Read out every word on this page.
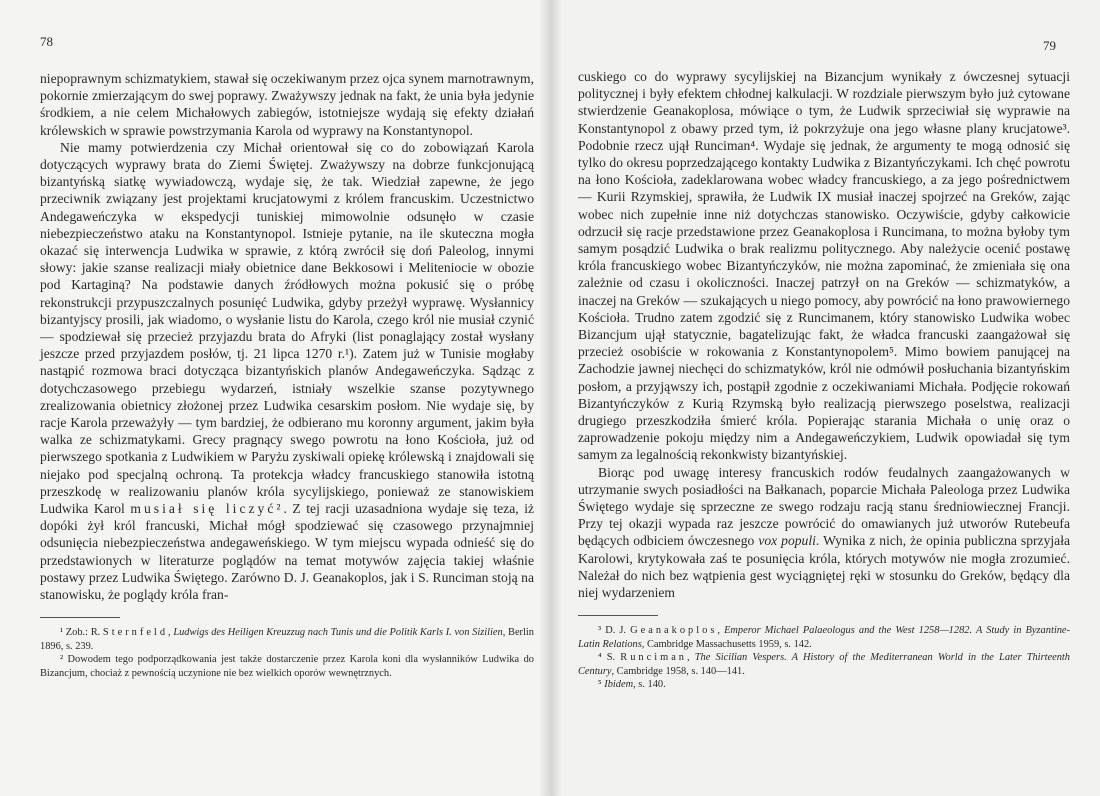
78

niepoprawnym schizmatykiem, stawał się oczekiwanym przez ojca synem marnotrawnym, pokornie zmierzającym do swej poprawy. Zważywszy jednak na fakt, że unia była jedynie środkiem, a nie celem Michałowych zabiegów, istotniejsze wydają się efekty działań królewskich w sprawie powstrzymania Karola od wyprawy na Konstantynopol.

Nie mamy potwierdzenia czy Michał orientował się co do zobowiązań Karola dotyczących wyprawy brata do Ziemi Świętej. Zważywszy na dobrze funkcjonującą bizantyńską siatkę wywiadowczą, wydaje się, że tak. Wiedział zapewne, że jego przeciwnik związany jest projektami krucjatowymi z królem francuskim. Uczestnictwo Andegaweńczyka w ekspedycji tuniskiej mimowolnie odsunęło w czasie niebezpieczeństwo ataku na Konstantynopol. Istnieje pytanie, na ile skuteczna mogła okazać się interwencja Ludwika w sprawie, z którą zwrócił się doń Paleolog, innymi słowy: jakie szanse realizacji miały obietnice dane Bekkosowi i Meliteniocie w obozie pod Kartaginą? Na podstawie danych źródłowych można pokusić się o próbę rekonstrukcji przypuszczalnych posunięć Ludwika, gdyby przeżył wyprawę. Wysłannicy bizantyjscy prosili, jak wiadomo, o wysłanie listu do Karola, czego król nie musiał czynić — spodziewał się przecież przyjazdu brata do Afryki (list ponaglający został wysłany jeszcze przed przyjazdem posłów, tj. 21 lipca 1270 r.¹). Zatem już w Tunisie mogłaby nastąpić rozmowa braci dotycząca bizantyńskich planów Andegaweńczyka. Sądząc z dotychczasowego przebiegu wydarzeń, istniały wszelkie szanse pozytywnego zrealizowania obietnicy złożonej przez Ludwika cesarskim posłom. Nie wydaje się, by racje Karola przeważyły — tym bardziej, że odbierano mu koronny argument, jakim była walka ze schizmatykami. Grecy pragnący swego powrotu na łono Kościoła, już od pierwszego spotkania z Ludwikiem w Paryżu zyskiwali opiekę królewską i znajdowali się niejako pod specjalną ochroną. Ta protekcja władcy francuskiego stanowiła istotną przeszkodę w realizowaniu planów króla sycylijskiego, ponieważ ze stanowiskiem Ludwika Karol musiał się liczyć². Z tej racji uzasadniona wydaje się teza, iż dopóki żył król francuski, Michał mógł spodziewać się czasowego przynajmniej odsunięcia niebezpieczeństwa andegaweńskiego. W tym miejscu wypada odnieść się do przedstawionych w literaturze poglądów na temat motywów zajęcia takiej właśnie postawy przez Ludwika Świętego. Zarówno D. J. Geanakoplos, jak i S. Runciman stoją na stanowisku, że poglądy króla fran-

¹ Zob.: R. Sternfeld, Ludwigs des Heiligen Kreuzzug nach Tunis und die Politik Karls I. von Sizilien, Berlin 1896, s. 239.

² Dowodem tego podporządkowania jest także dostarczenie przez Karola koni dla wysłanników Ludwika do Bizancjum, chociaż z pewnością uczynione nie bez wielkich oporów wewnętrznych.

79

cuskiego co do wyprawy sycylijskiej na Bizancjum wynikały z ówczesnej sytuacji politycznej i były efektem chłodnej kalkulacji. W rozdziale pierwszym było już cytowane stwierdzenie Geanakoplosa, mówiące o tym, że Ludwik sprzeciwiał się wyprawie na Konstantynopol z obawy przed tym, iż pokrzyżuje ona jego własne plany krucjatowe³. Podobnie rzecz ujął Runciman⁴. Wydaje się jednak, że argumenty te mogą odnosić się tylko do okresu poprzedzającego kontakty Ludwika z Bizantyńczykami. Ich chęć powrotu na łono Kościoła, zadeklarowana wobec władcy francuskiego, a za jego pośrednictwem — Kurii Rzymskiej, sprawiła, że Ludwik IX musiał inaczej spojrzeć na Greków, zając wobec nich zupełnie inne niż dotychczas stanowisko. Oczywiście, gdyby całkowicie odrzucił się racje przedstawione przez Geanakoplosa i Runcimana, to można byłoby tym samym posądzić Ludwika o brak realizmu politycznego. Aby należycie ocenić postawę króla francuskiego wobec Bizantyńczyków, nie można zapominać, że zmieniała się ona zależnie od czasu i okoliczności. Inaczej patrzył on na Greków — schizmatyków, a inaczej na Greków — szukających u niego pomocy, aby powrócić na łono prawowiernego Kościoła. Trudno zatem zgodzić się z Runcimanem, który stanowisko Ludwika wobec Bizancjum ujął statycznie, bagatelizując fakt, że władca francuski zaangażował się przecież osobiście w rokowania z Konstantynopolem⁵. Mimo bowiem panującej na Zachodzie jawnej niechęci do schizmatyków, król nie odmówił posłuchania bizantyńskim posłom, a przyjąwszy ich, postąpił zgodnie z oczekiwaniami Michała. Podjęcie rokowań Bizantyńczyków z Kurią Rzymską było realizacją pierwszego poselstwa, realizacji drugiego przeszkodziła śmierć króla. Popierając starania Michała o unię oraz o zaprowadzenie pokoju między nim a Andegaweńczykiem, Ludwik opowiadał się tym samym za legalnością rekonkwisty bizantyńskiej.

Biorąc pod uwagę interesy francuskich rodów feudalnych zaangażowanych w utrzymanie swych posiadłości na Bałkanach, poparcie Michała Paleologa przez Ludwika Świętego wydaje się sprzeczne ze swego rodzaju racją stanu średniowiecznej Francji. Przy tej okazji wypada raz jeszcze powrócić do omawianych już utworów Rutebeufa będących odbiciem ówczesnego vox populi. Wynika z nich, że opinia publiczna sprzyjała Karolowi, krytykowała zaś te posunięcia króla, których motywów nie mogła zrozumieć. Należał do nich bez wątpienia gest wyciągniętej ręki w stosunku do Greków, będący dla niej wydarzeniem

³ D. J. Geanakoplos, Emperor Michael Palaeologus and the West 1258—1282. A Study in Byzantine-Latin Relations, Cambridge Massachusetts 1959, s. 142.

⁴ S. Runciman, The Sicilian Vespers. A History of the Mediterranean World in the Later Thirteenth Century, Cambridge 1958, s. 140—141.

⁵ Ibidem, s. 140.
